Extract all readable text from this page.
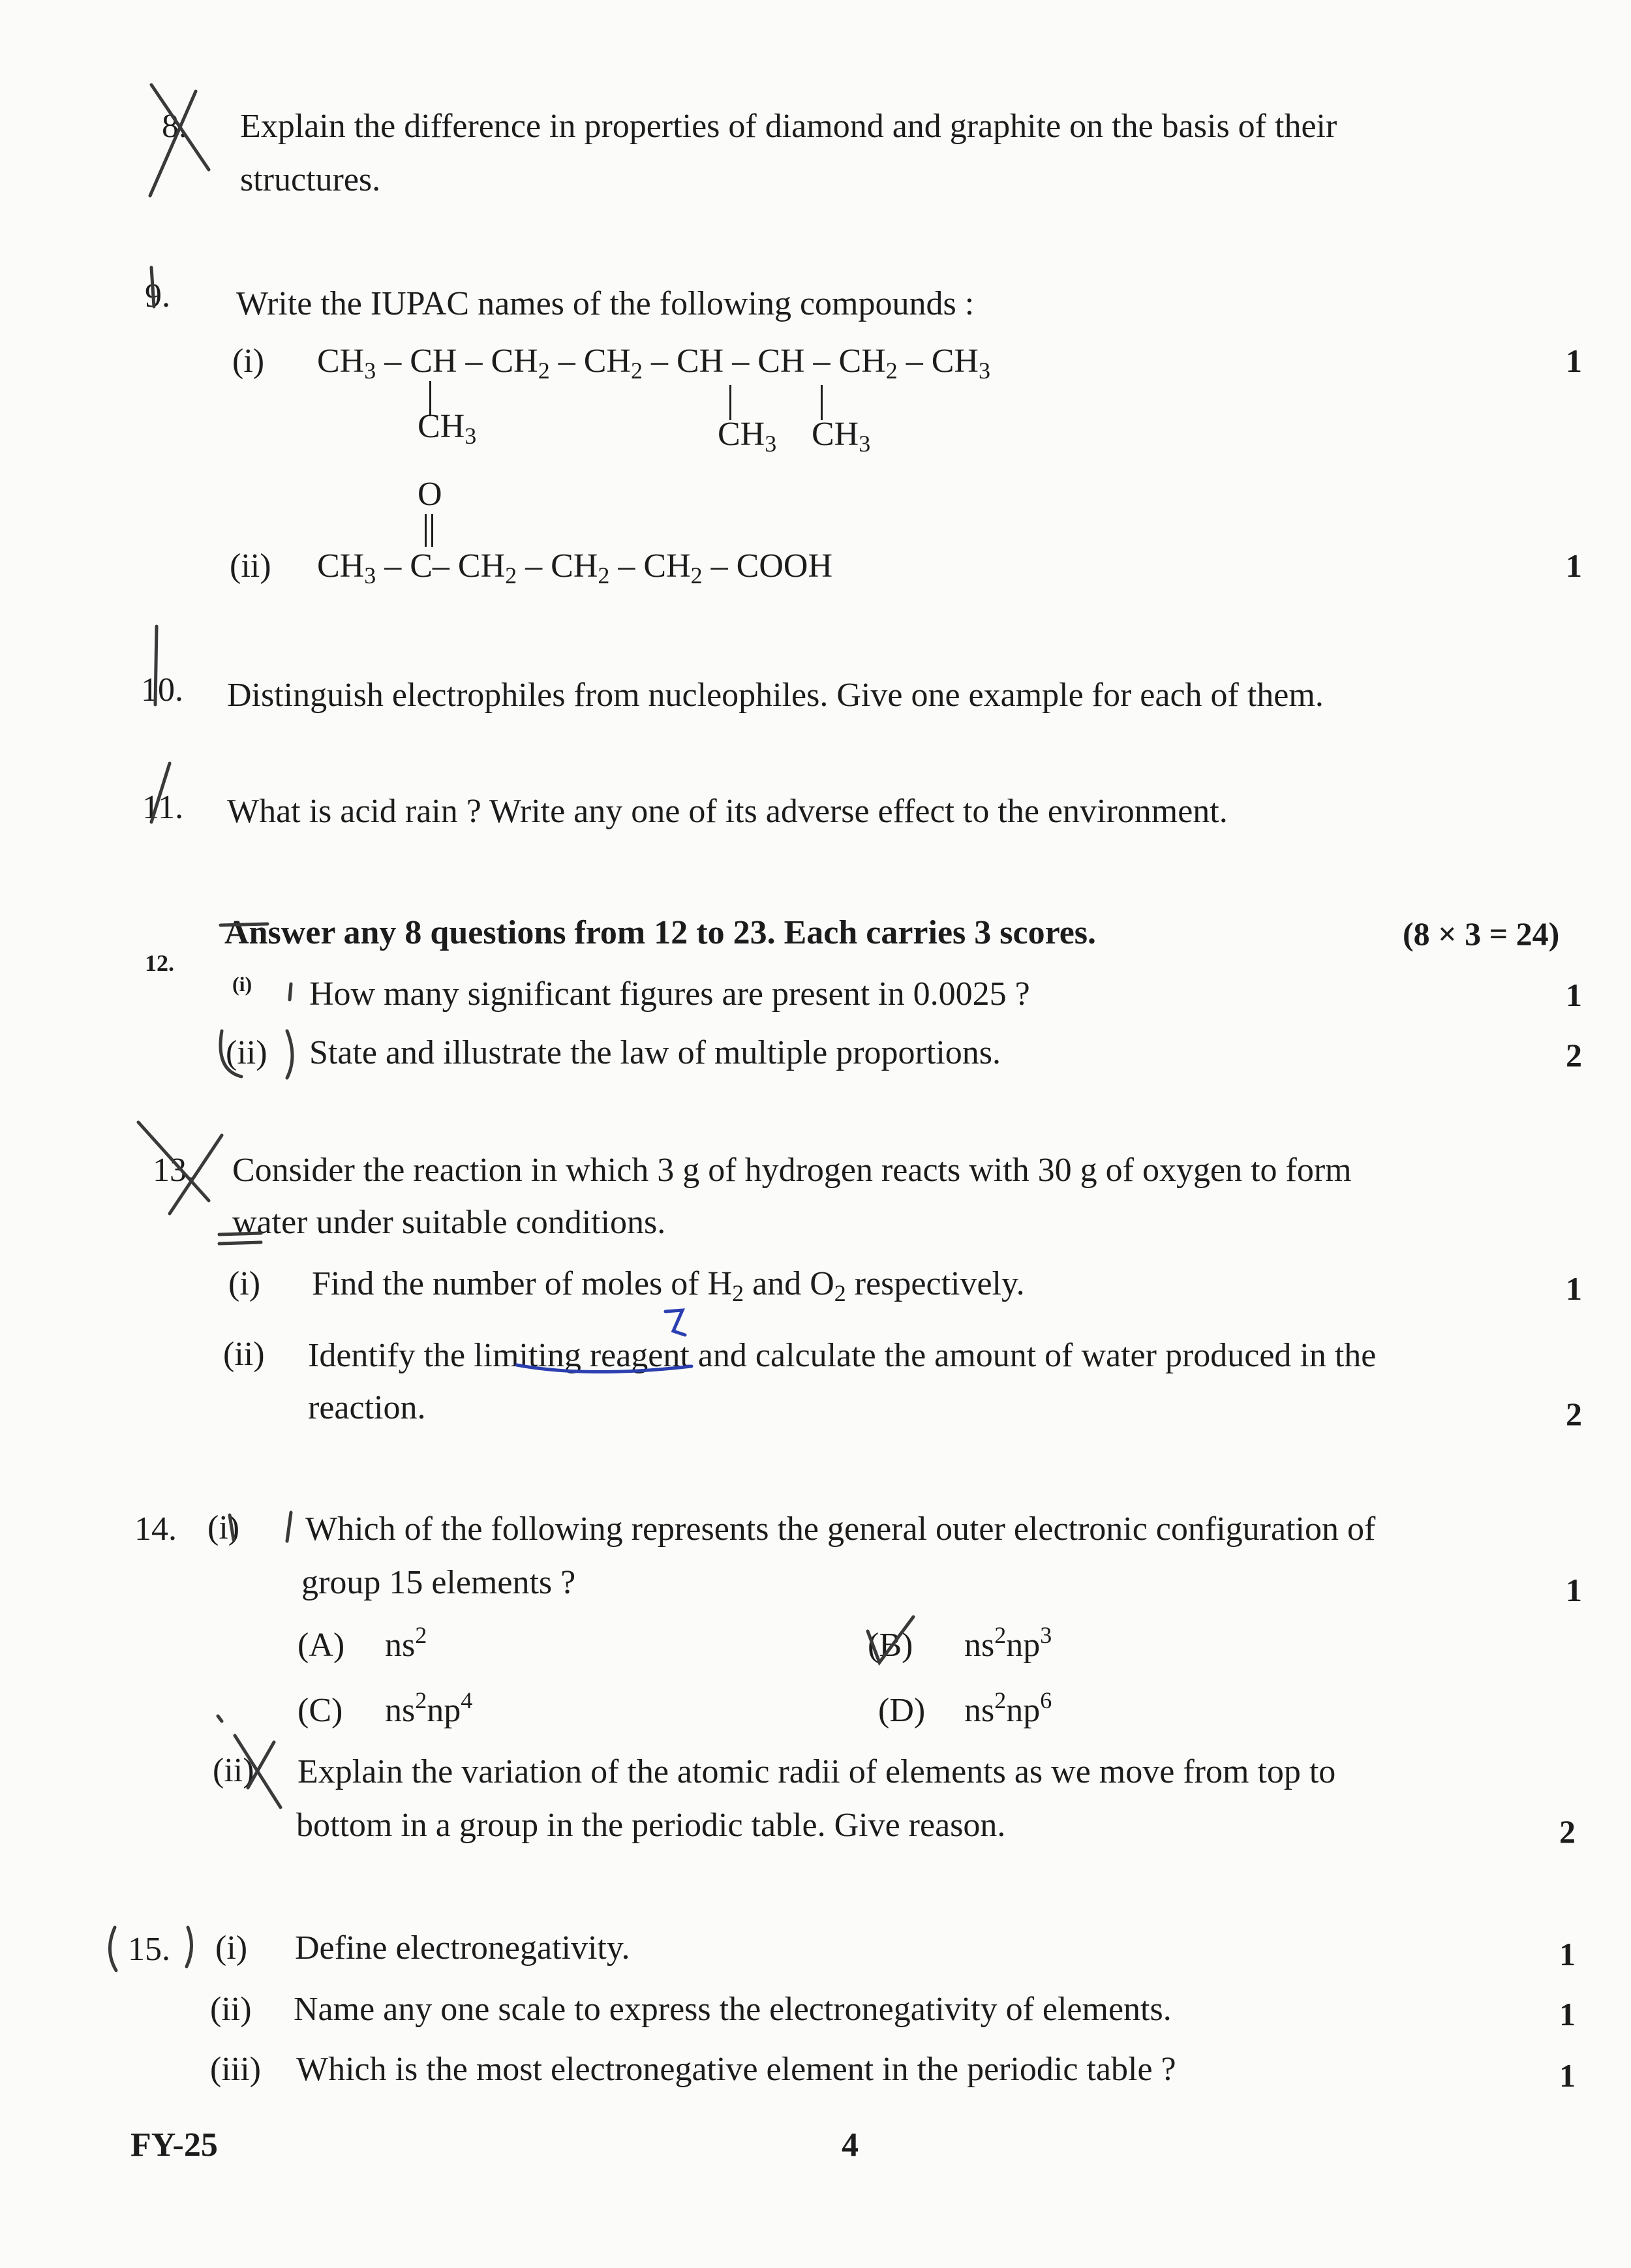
8. Explain the difference in properties of diamond and graphite on the basis of their
structures.
9. Write the IUPAC names of the following compounds :
(i) $CH_3$ – CH – $CH_2 - CH_2$ – CH – CH – $CH_2 - CH_3$
$CH_3$	$CH_3$ $CH_3$
1
O
(ii) $CH_3 - C-$ $CH_2 - CH_2 - CH_2$ – COOH	1
10. Distinguish electrophiles from nucleophiles. Give one example for each of them.
11. What is acid rain ? Write any one of its adverse effect to the environment.
Answer any 8 questions from 12 to 23. Each carries 3 scores.	(8 × 3 = 24)
12.
(i) How many significant figures are present in 0.0025 ?	1
(ii) State and illustrate the law of multiple proportions.	2
13. Consider the reaction in which 3 g of hydrogen reacts with 30 g of oxygen to form
water under suitable conditions.
(i) Find the number of moles of $H_2$ and $O_2$ respectively.	1
(ii) Identify the limiting reagent and calculate the amount of water produced in the
reaction.	2
14. (i) Which of the following represents the general outer electronic configuration of
group 15 elements ?	1
(A) $ns^2$	(B) $ns^2np^3$
(C) $ns^2np^4$	(D) $ns^2np^6$
(ii) Explain the variation of the atomic radii of elements as we move from top to
bottom in a group in the periodic table. Give reason.	2
15. (i) Define electronegativity.	1
(ii) Name any one scale to express the electronegativity of elements.	1
(iii) Which is the most electronegative element in the periodic table ?	1
FY-25	4
